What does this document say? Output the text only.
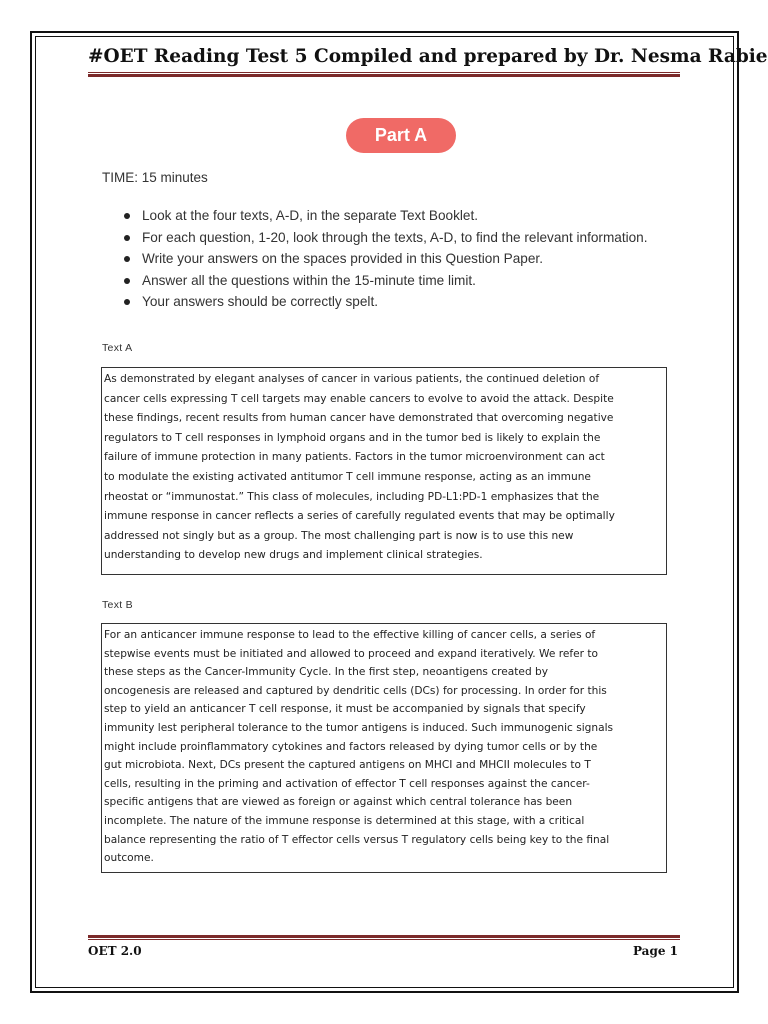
#OET Reading Test 5 Compiled and prepared by Dr. Nesma Rabie
Part A
TIME: 15 minutes
Look at the four texts, A-D, in the separate Text Booklet.
For each question, 1-20, look through the texts, A-D, to find the relevant information.
Write your answers on the spaces provided in this Question Paper.
Answer all the questions within the 15-minute time limit.
Your answers should be correctly spelt.
Text A

As demonstrated by elegant analyses of cancer in various patients, the continued deletion of
cancer cells expressing T cell targets may enable cancers to evolve to avoid the attack. Despite
these findings, recent results from human cancer have demonstrated that overcoming negative
regulators to T cell responses in lymphoid organs and in the tumor bed is likely to explain the
failure of immune protection in many patients. Factors in the tumor microenvironment can act
to modulate the existing activated antitumor T cell immune response, acting as an immune
rheostat or “immunostat.” This class of molecules, including PD-L1:PD-1 emphasizes that the
immune response in cancer reflects a series of carefully regulated events that may be optimally
addressed not singly but as a group. The most challenging part is now is to use this new
understanding to develop new drugs and implement clinical strategies.

Text B

For an anticancer immune response to lead to the effective killing of cancer cells, a series of
stepwise events must be initiated and allowed to proceed and expand iteratively. We refer to
these steps as the Cancer-Immunity Cycle. In the first step, neoantigens created by
oncogenesis are released and captured by dendritic cells (DCs) for processing. In order for this
step to yield an anticancer T cell response, it must be accompanied by signals that specify
immunity lest peripheral tolerance to the tumor antigens is induced. Such immunogenic signals
might include proinflammatory cytokines and factors released by dying tumor cells or by the
gut microbiota. Next, DCs present the captured antigens on MHCI and MHCII molecules to T
cells, resulting in the priming and activation of effector T cell responses against the cancer-
specific antigens that are viewed as foreign or against which central tolerance has been
incomplete. The nature of the immune response is determined at this stage, with a critical
balance representing the ratio of T effector cells versus T regulatory cells being key to the final
outcome.

OET 2.0	Page 1
